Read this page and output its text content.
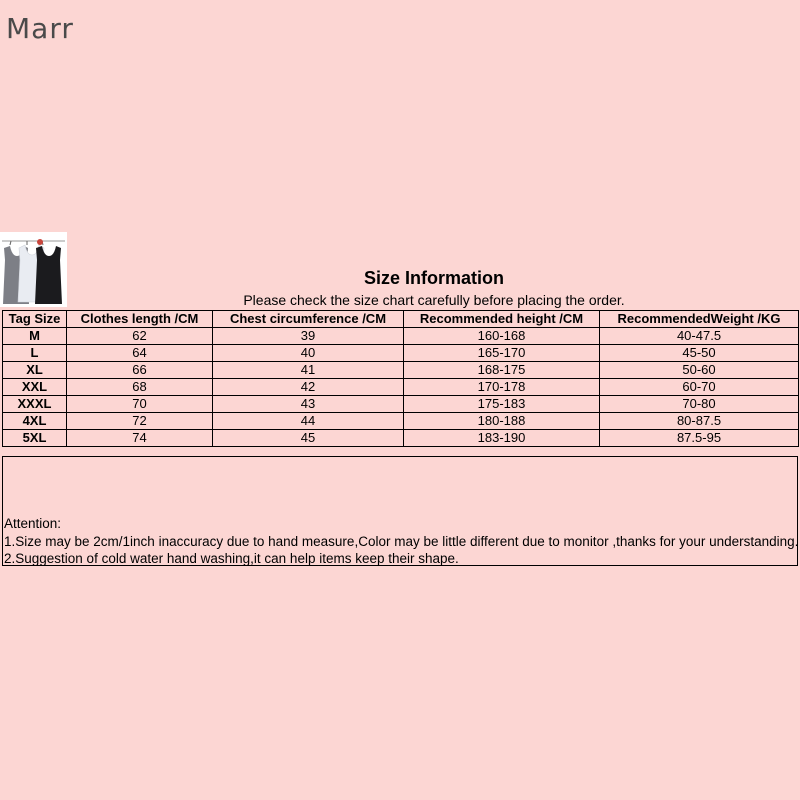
Marr
Size Information
Please check the size chart carefully before placing the order.
Tag Size	Clothes length /CM	Chest circumference /CM	Recommended height /CM	RecommendedWeight /KG
M	62	39	160-168	40-47.5
L	64	40	165-170	45-50
XL	66	41	168-175	50-60
XXL	68	42	170-178	60-70
XXXL	70	43	175-183	70-80
4XL	72	44	180-188	80-87.5
5XL	74	45	183-190	87.5-95
Attention:
1.Size may be 2cm/1inch inaccuracy due to hand measure,Color may be little different due to monitor ,thanks for your understanding.
2.Suggestion of cold water hand washing,it can help items keep their shape.
